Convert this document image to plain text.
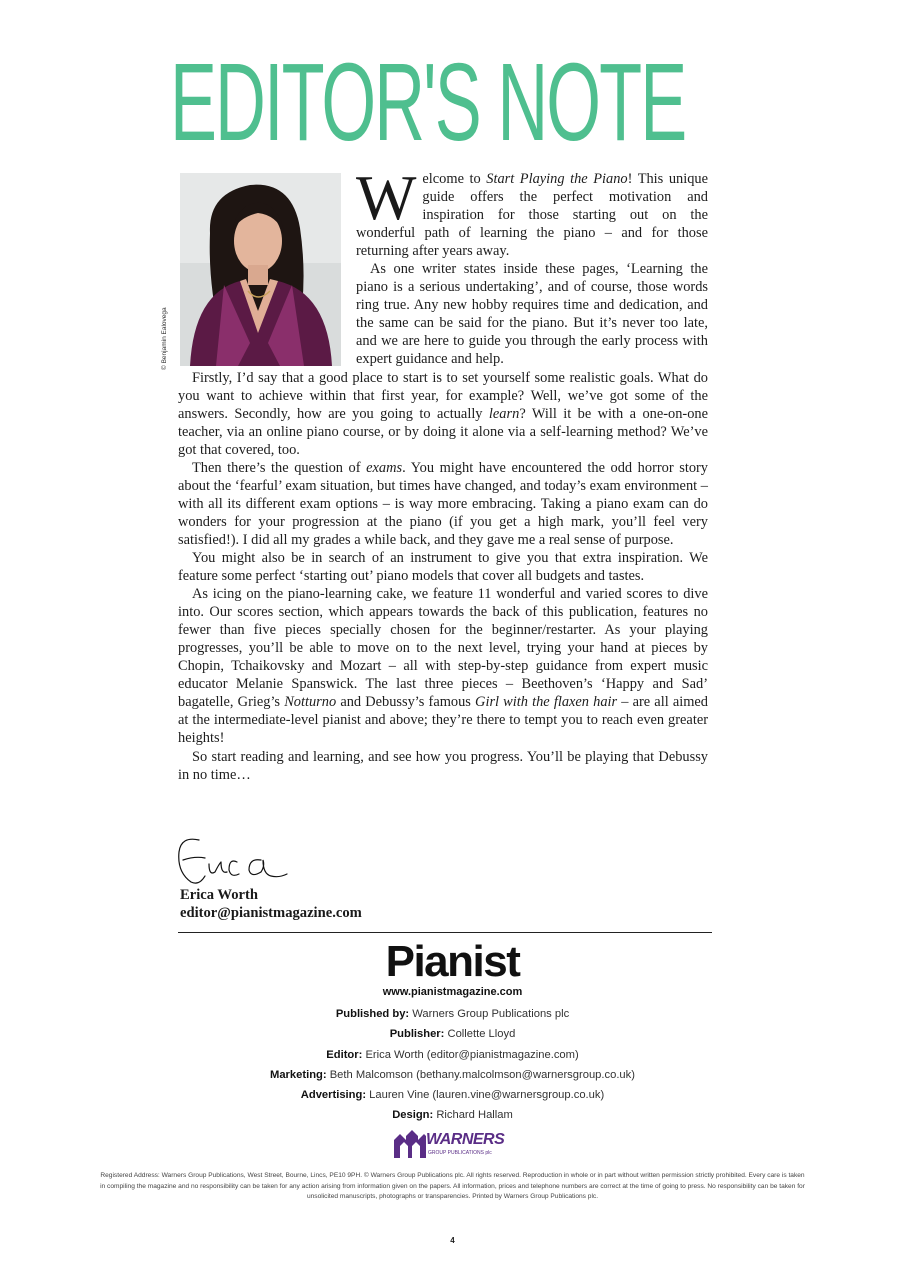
EDITOR'S NOTE
© Benjamin Ealovega
Welcome to Start Playing the Piano! This unique guide offers the perfect motivation and inspiration for those starting out on the wonderful path of learning the piano – and for those returning after years away.

As one writer states inside these pages, ‘Learning the piano is a serious undertaking’, and of course, those words ring true. Any new hobby requires time and dedication, and the same can be said for the piano. But it’s never too late, and we are here to guide you through the early process with expert guidance and help.

Firstly, I’d say that a good place to start is to set yourself some realistic goals. What do you want to achieve within that first year, for example? Well, we’ve got some of the answers. Secondly, how are you going to actually learn? Will it be with a one-on-one teacher, via an online piano course, or by doing it alone via a self-learning method? We’ve got that covered, too.

Then there’s the question of exams. You might have encountered the odd horror story about the ‘fearful’ exam situation, but times have changed, and today’s exam environment – with all its different exam options – is way more embracing. Taking a piano exam can do wonders for your progression at the piano (if you get a high mark, you’ll feel very satisfied!). I did all my grades a while back, and they gave me a real sense of purpose.

You might also be in search of an instrument to give you that extra inspiration. We feature some perfect ‘starting out’ piano models that cover all budgets and tastes.

As icing on the piano-learning cake, we feature 11 wonderful and varied scores to dive into. Our scores section, which appears towards the back of this publication, features no fewer than five pieces specially chosen for the beginner/restarter. As your playing progresses, you’ll be able to move on to the next level, trying your hand at pieces by Chopin, Tchaikovsky and Mozart – all with step-by-step guidance from expert music educator Melanie Spanswick. The last three pieces – Beethoven’s ‘Happy and Sad’ bagatelle, Grieg’s Notturno and Debussy’s famous Girl with the flaxen hair – are all aimed at the intermediate-level pianist and above; they’re there to tempt you to reach even greater heights!

So start reading and learning, and see how you progress. You’ll be playing that Debussy in no time…

Erica Worth
editor@pianistmagazine.com
Pianist
www.pianistmagazine.com
Published by: Warners Group Publications plc
Publisher: Collette Lloyd
Editor: Erica Worth (editor@pianistmagazine.com)
Marketing: Beth Malcomson (bethany.malcolmson@warnersgroup.co.uk)
Advertising: Lauren Vine (lauren.vine@warnersgroup.co.uk)
Design: Richard Hallam
WARNERS
GROUP PUBLICATIONS plc
Registered Address: Warners Group Publications, West Street, Bourne, Lincs, PE10 9PH. © Warners Group Publications plc. All rights reserved. Reproduction in whole or in part without written permission strictly prohibited. Every care is taken in compiling the magazine and no responsibility can be taken for any action arising from information given on the papers. All information, prices and telephone numbers are correct at the time of going to press. No responsibility can be taken for unsolicited manuscripts, photographs or transparencies. Printed by Warners Group Publications plc.
4
